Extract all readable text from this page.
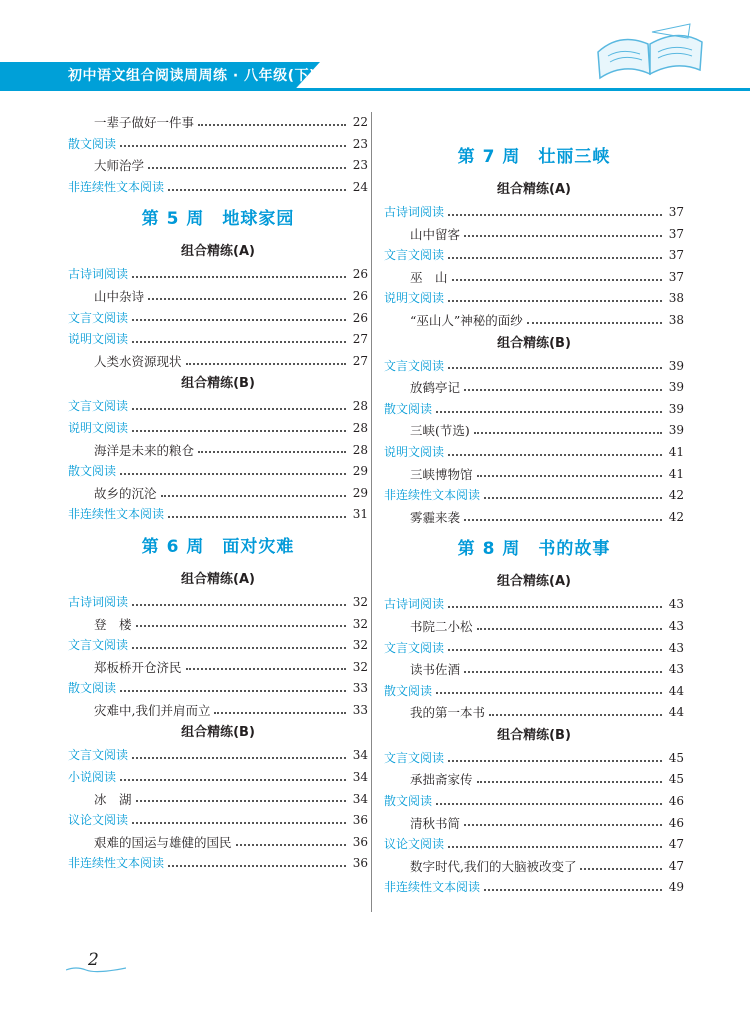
初中语文组合阅读周周练 · 八年级(下)
一辈子做好一件事	22
散文阅读	23
大师治学	23
非连续性文本阅读	24
第 5 周　地球家园
组合精练(A)
古诗词阅读	26
山中杂诗	26
文言文阅读	26
说明文阅读	27
人类水资源现状	27
组合精练(B)
文言文阅读	28
说明文阅读	28
海洋是未来的粮仓	28
散文阅读	29
故乡的沉沦	29
非连续性文本阅读	31
第 6 周　面对灾难
组合精练(A)
古诗词阅读	32
登　楼	32
文言文阅读	32
郑板桥开仓济民	32
散文阅读	33
灾难中,我们并肩而立	33
组合精练(B)
文言文阅读	34
小说阅读	34
冰　湖	34
议论文阅读	36
艰难的国运与雄健的国民	36
非连续性文本阅读	36
第 7 周　壮丽三峡
组合精练(A)
古诗词阅读	37
山中留客	37
文言文阅读	37
巫　山	37
说明文阅读	38
“巫山人”神秘的面纱	38
组合精练(B)
文言文阅读	39
放鹤亭记	39
散文阅读	39
三峡(节选)	39
说明文阅读	41
三峡博物馆	41
非连续性文本阅读	42
雾霾来袭	42
第 8 周　书的故事
组合精练(A)
古诗词阅读	43
书院二小松	43
文言文阅读	43
读书佐酒	43
散文阅读	44
我的第一本书	44
组合精练(B)
文言文阅读	45
承拙斋家传	45
散文阅读	46
清秋书简	46
议论文阅读	47
数字时代,我们的大脑被改变了	47
非连续性文本阅读	49
2
